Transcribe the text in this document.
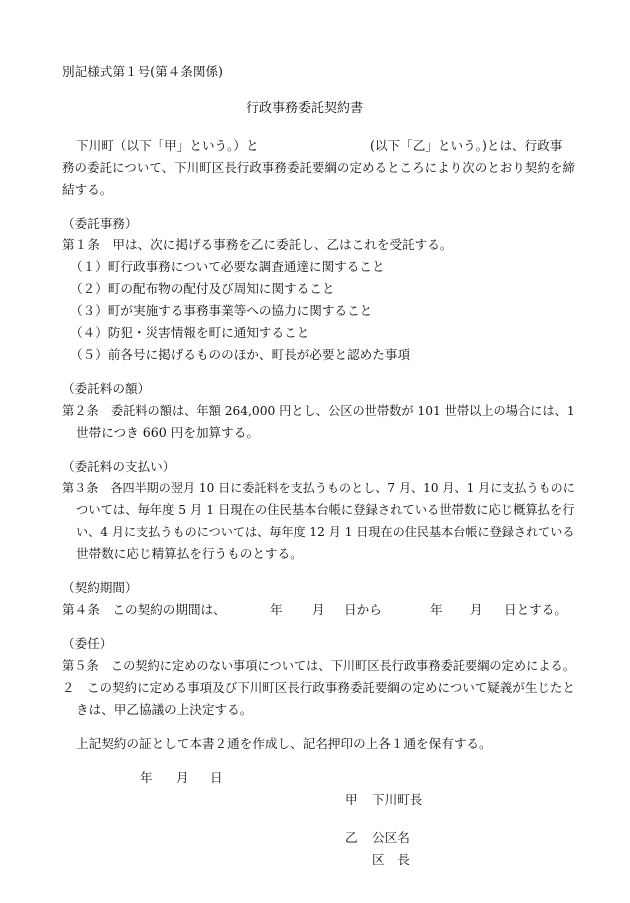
別記様式第１号(第４条関係)
行政事務委託契約書
下川町（以下「甲」という。）と	(以下「乙」という。)とは、行政事
務の委託について、下川町区長行政事務委託要綱の定めるところにより次のとおり契約を締
結する。
（委託事務）
第１条　甲は、次に掲げる事務を乙に委託し、乙はこれを受託する。
（１）町行政事務について必要な調査通達に関すること
（２）町の配布物の配付及び周知に関すること
（３）町が実施する事務事業等への協力に関すること
（４）防犯・災害情報を町に通知すること
（５）前各号に掲げるもののほか、町長が必要と認めた事項
（委託料の額）
第２条　委託料の額は、年額 264,000 円とし、公区の世帯数が 101 世帯以上の場合には、1
世帯につき 660 円を加算する。
（委託料の支払い）
第３条　各四半期の翌月 10 日に委託料を支払うものとし、7 月、10 月、1 月に支払うものに
ついては、毎年度 5 月 1 日現在の住民基本台帳に登録されている世帯数に応じ概算払を行
い、4 月に支払うものについては、毎年度 12 月 1 日現在の住民基本台帳に登録されている
世帯数に応じ精算払を行うものとする。
（契約期間）
第４条　この契約の期間は、	年 月 日から	年 月 日とする。
（委任）
第５条　この契約に定めのない事項については、下川町区長行政事務委託要綱の定めによる。
２　この契約に定める事項及び下川町区長行政事務委託要綱の定めについて疑義が生じたと
きは、甲乙協議の上決定する。
上記契約の証として本書２通を作成し、記名押印の上各１通を保有する。
年 月 日
甲 下川町長
乙 公区名
区　長
